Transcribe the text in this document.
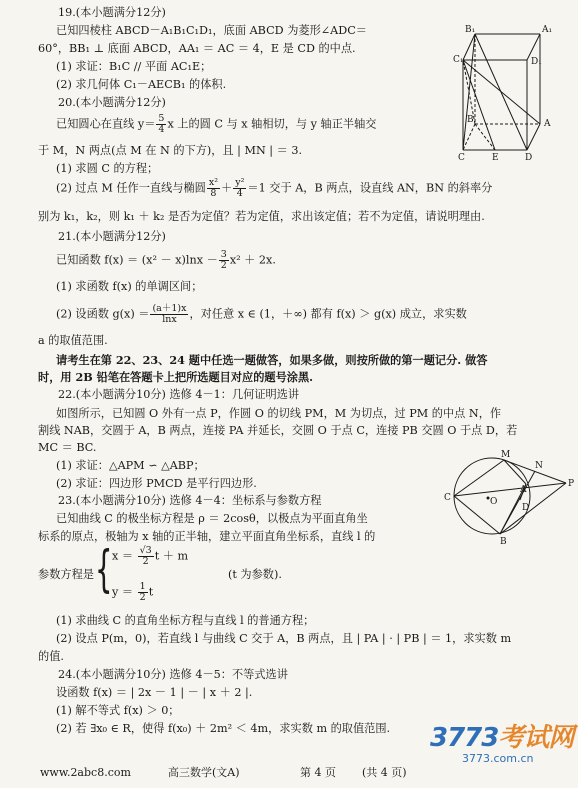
19.(本小题满分12分)
已知四棱柱 ABCD－A₁B₁C₁D₁，底面 ABCD 为菱形∠ADC＝
60°，BB₁ ⊥ 底面 ABCD，AA₁ ＝ AC ＝ 4，E 是 CD 的中点.
(1) 求证：B₁C // 平面 AC₁E；
(2) 求几何体 C₁－AECB₁ 的体积.
B₁	A₁
C₁	D₁
B	A
C	E	D
20.(本小题满分12分)
已知圆心在直线 $y= \frac{5}{4}$ x 上的圆 C 与 x 轴相切，与 y 轴正半轴交
于 M，N 两点(点 M 在 N 的下方)，且 | MN | ＝ 3.
(1) 求圆 C 的方程；
(2) 过点 M 任作一直线与椭圆 $\frac{\text{x²}}{8} + \frac{\text{y²}}{4} =1$ 交于 A，B 两点，设直线 AN，BN 的斜率分
别为 k₁，k₂，则 k₁ ＋ k₂ 是否为定值？若为定值，求出该定值；若不为定值，请说明理由.
21.(本小题满分12分)
已知函数 $f(x) = (x^2 - x)\ln x - \frac{3}{2} x^2 + 2x$.
(1) 求函数 f(x) 的单调区间；
(2) 设函数 $g(x) = \frac{(a+1)x}{\ln x}$ ，对任意 x ∈ (1，＋∞) 都有 f(x) ＞ g(x) 成立，求实数
a 的取值范围.
请考生在第 22、23、24 题中任选一题做答，如果多做，则按所做的第一题记分. 做答
时，用 2B 铅笔在答题卡上把所选题目对应的题号涂黑.
22.(本小题满分10分) 选修 4－1：几何证明选讲
如图所示，已知圆 O 外有一点 P，作圆 O 的切线 PM，M 为切点，过 PM 的中点 N，作
割线 NAB，交圆于 A，B 两点，连接 PA 并延长，交圆 O 于点 C，连接 PB 交圆 O 于点 D，若
MC ＝ BC.
(1) 求证：△APM ∽ △ABP；
(2) 求证：四边形 PMCD 是平行四边形.
M
N
C	O
A
P
D
B
23.(本小题满分10分) 选修 4－4：坐标系与参数方程
已知曲线 C 的极坐标方程是 ρ ＝ 2cosθ，以极点为平面直角坐
标系的原点，极轴为 x 轴的正半轴，建立平面直角坐标系，直线 l 的
参数方程是 { $x = \frac{√3}{2}$ t ＋ m
$y = \frac{1}{2}$ t
(t 为参数).
(1) 求曲线 C 的直角坐标方程与直线 l 的普通方程；
(2) 设点 P(m，0)，若直线 l 与曲线 C 交于 A，B 两点，且 | PA | · | PB | ＝ 1，求实数 m
的值.
24.(本小题满分10分) 选修 4－5：不等式选讲
设函数 f(x) ＝ | 2x － 1 | － | x ＋ 2 |.
(1) 解不等式 f(x) ＞ 0；
(2) 若 ∃x₀ ∈ R，使得 f(x₀) ＋ 2m² ＜ 4m，求实数 m 的取值范围.
www.2abc8.com	高三数学(文A)	第 4 页 (共 4 页)
3773考试网
3773.com.cn
